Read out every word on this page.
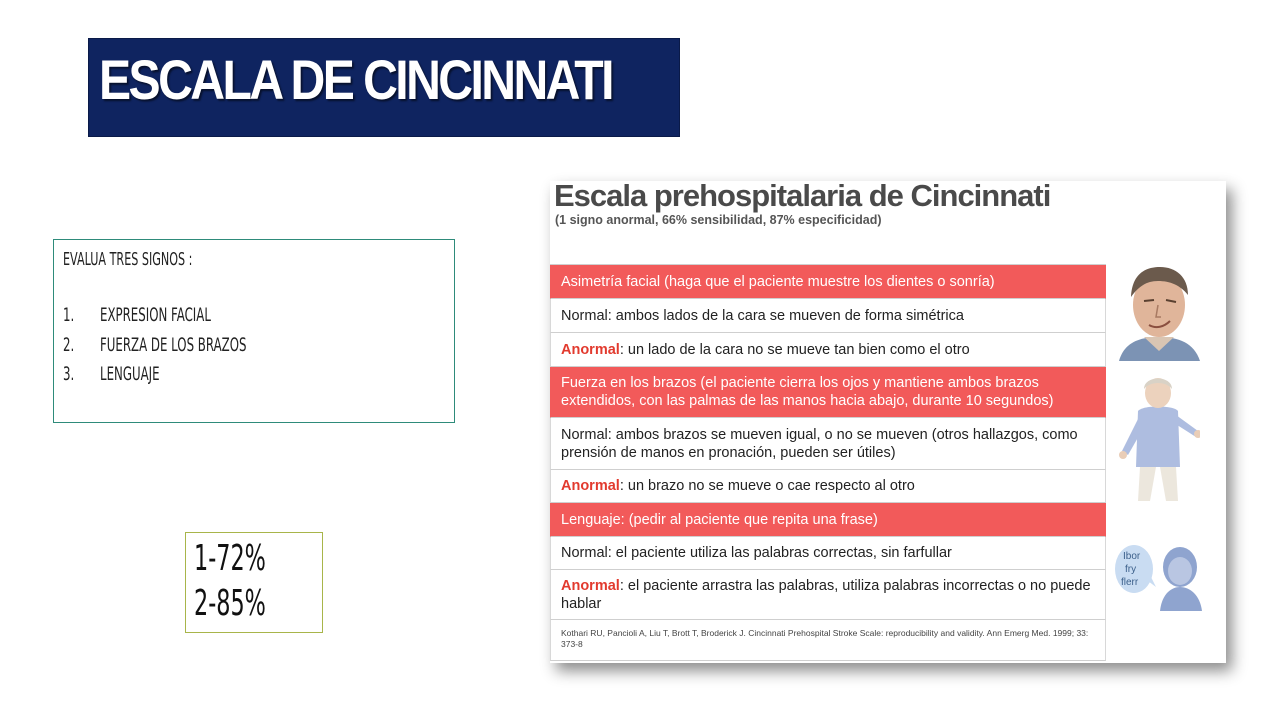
ESCALA DE CINCINNATI
EVALUA TRES SIGNOS :
1. EXPRESION FACIAL
2. FUERZA DE LOS BRAZOS
3. LENGUAJE
1-72%
2-85%
Escala prehospitalaria de Cincinnati
(1 signo anormal, 66% sensibilidad, 87% especificidad)
Asimetría facial (haga que el paciente muestre los dientes o sonría)
Normal: ambos lados de la cara se mueven de forma simétrica
Anormal: un lado de la cara no se mueve tan bien como el otro
Fuerza en los brazos (el paciente cierra los ojos y mantiene ambos brazos extendidos, con las palmas de las manos hacia abajo, durante 10 segundos)
Normal: ambos brazos se mueven igual, o no se mueven (otros hallazgos, como prensión de manos en pronación, pueden ser útiles)
Anormal: un brazo no se mueve o cae respecto al otro
Lenguaje: (pedir al paciente que repita una frase)
Normal: el paciente utiliza las palabras correctas, sin farfullar
Anormal: el paciente arrastra las palabras, utiliza palabras incorrectas o no puede hablar
Kothari RU, Pancioli A, Liu T, Brott T, Broderick J. Cincinnati Prehospital Stroke Scale: reproducibility and validity. Ann Emerg Med. 1999; 33: 373-8
Ibor
fry
flerr
